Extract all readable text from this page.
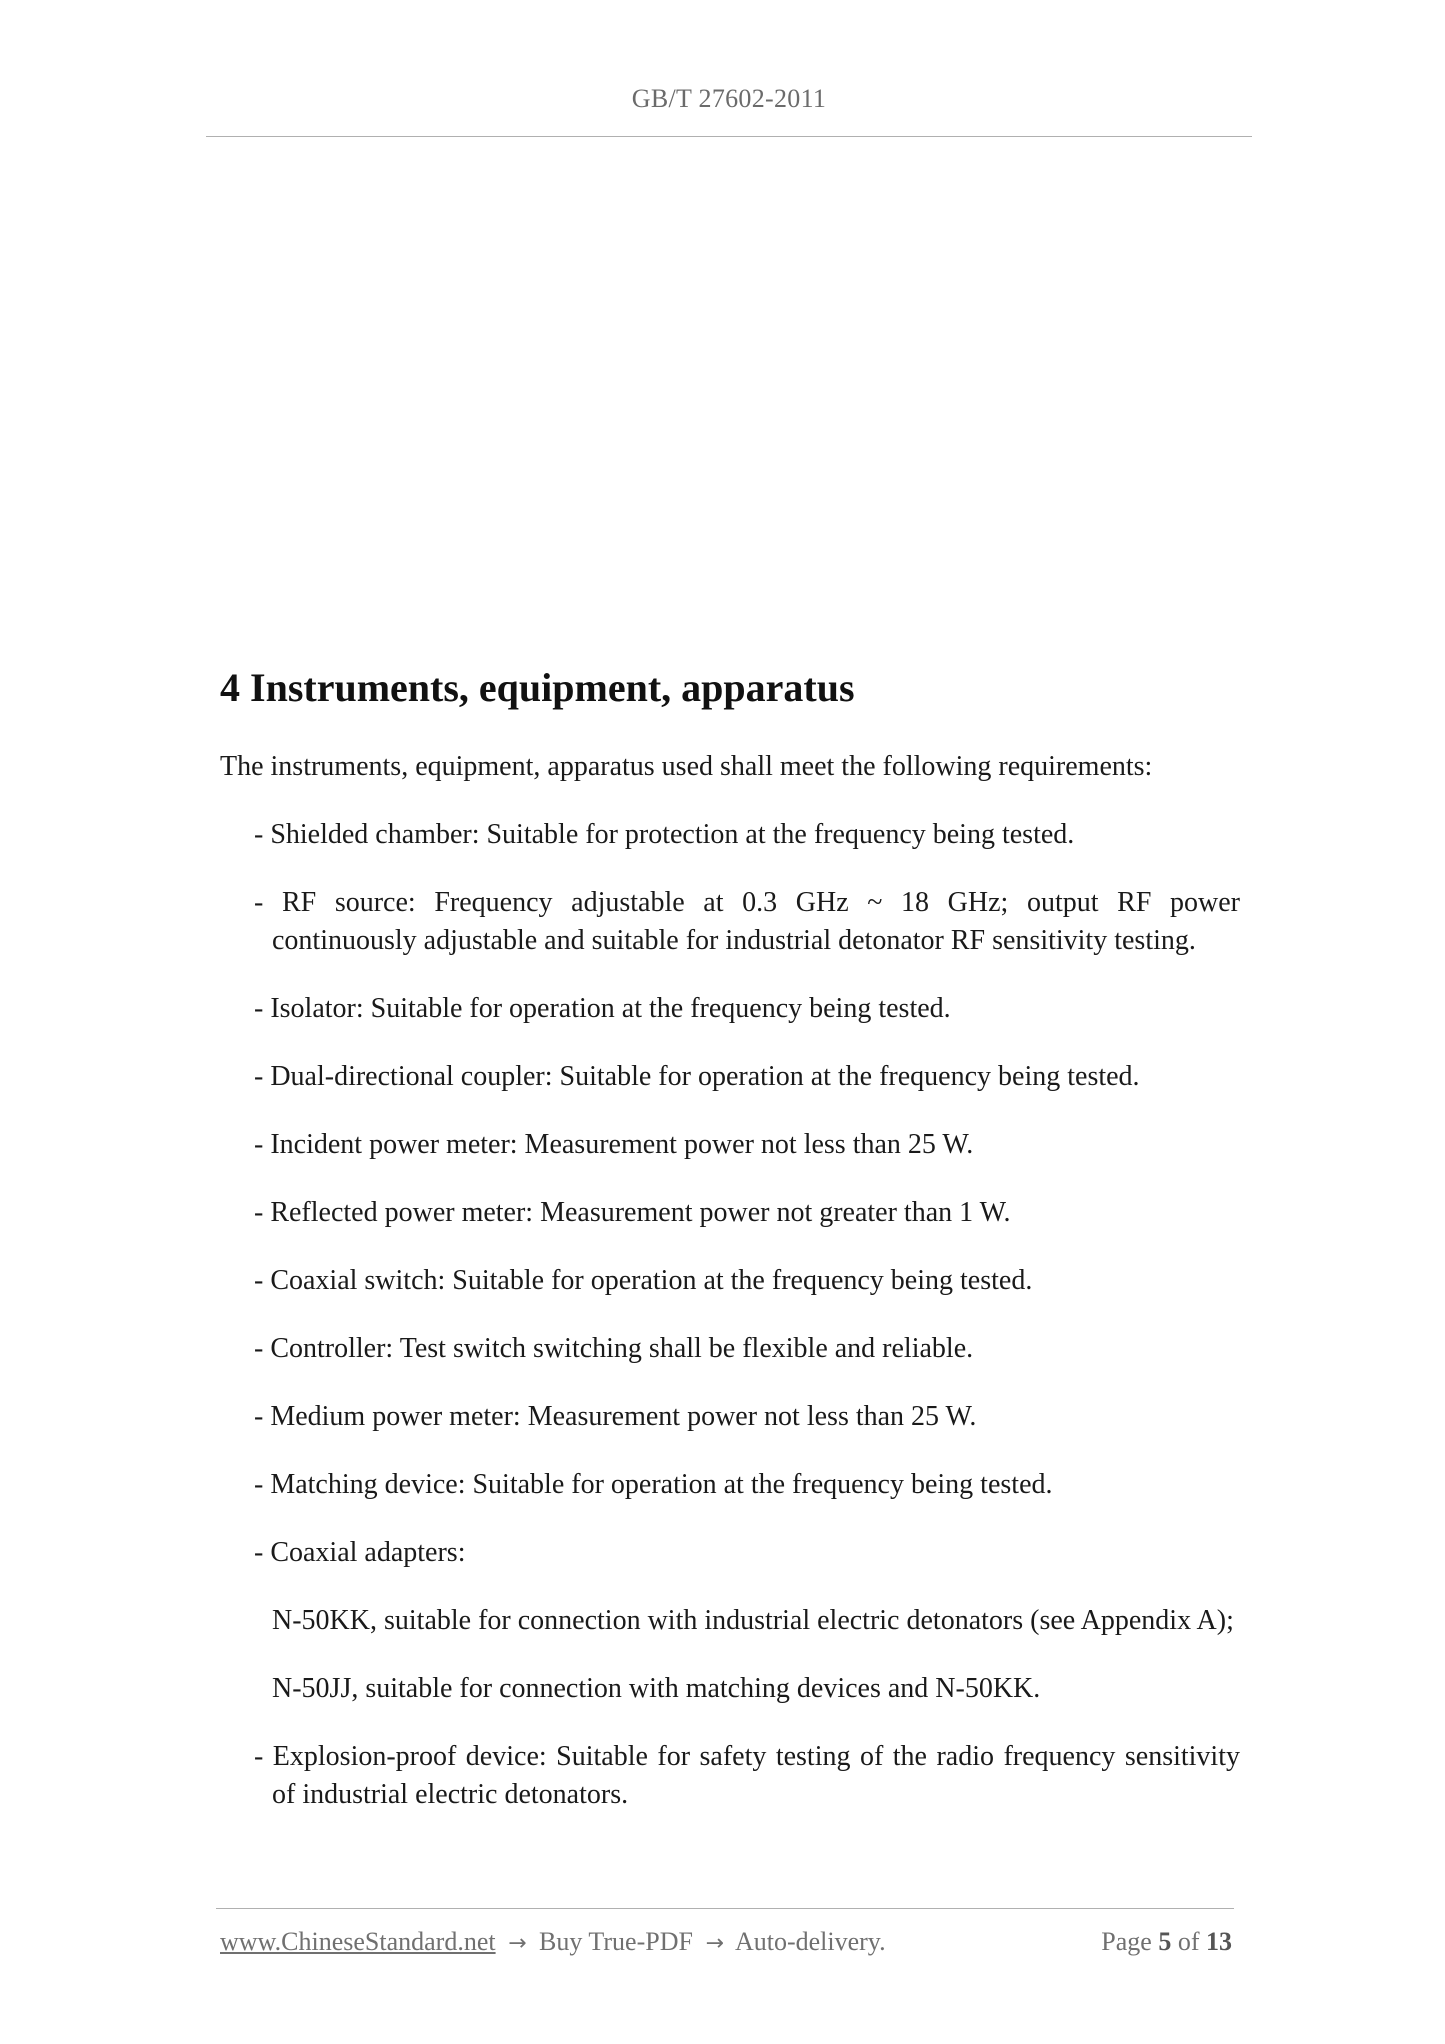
GB/T 27602-2011
4 Instruments, equipment, apparatus

The instruments, equipment, apparatus used shall meet the following requirements:

- Shielded chamber: Suitable for protection at the frequency being tested.
- RF source: Frequency adjustable at 0.3 GHz ~ 18 GHz; output RF power continuously adjustable and suitable for industrial detonator RF sensitivity testing.
- Isolator: Suitable for operation at the frequency being tested.
- Dual-directional coupler: Suitable for operation at the frequency being tested.
- Incident power meter: Measurement power not less than 25 W.
- Reflected power meter: Measurement power not greater than 1 W.
- Coaxial switch: Suitable for operation at the frequency being tested.
- Controller: Test switch switching shall be flexible and reliable.
- Medium power meter: Measurement power not less than 25 W.
- Matching device: Suitable for operation at the frequency being tested.
- Coaxial adapters:

N-50KK, suitable for connection with industrial electric detonators (see Appendix A);

N-50JJ, suitable for connection with matching devices and N-50KK.

- Explosion-proof device: Suitable for safety testing of the radio frequency sensitivity of industrial electric detonators.
www.ChineseStandard.net → Buy True-PDF → Auto-delivery.	Page 5 of 13
